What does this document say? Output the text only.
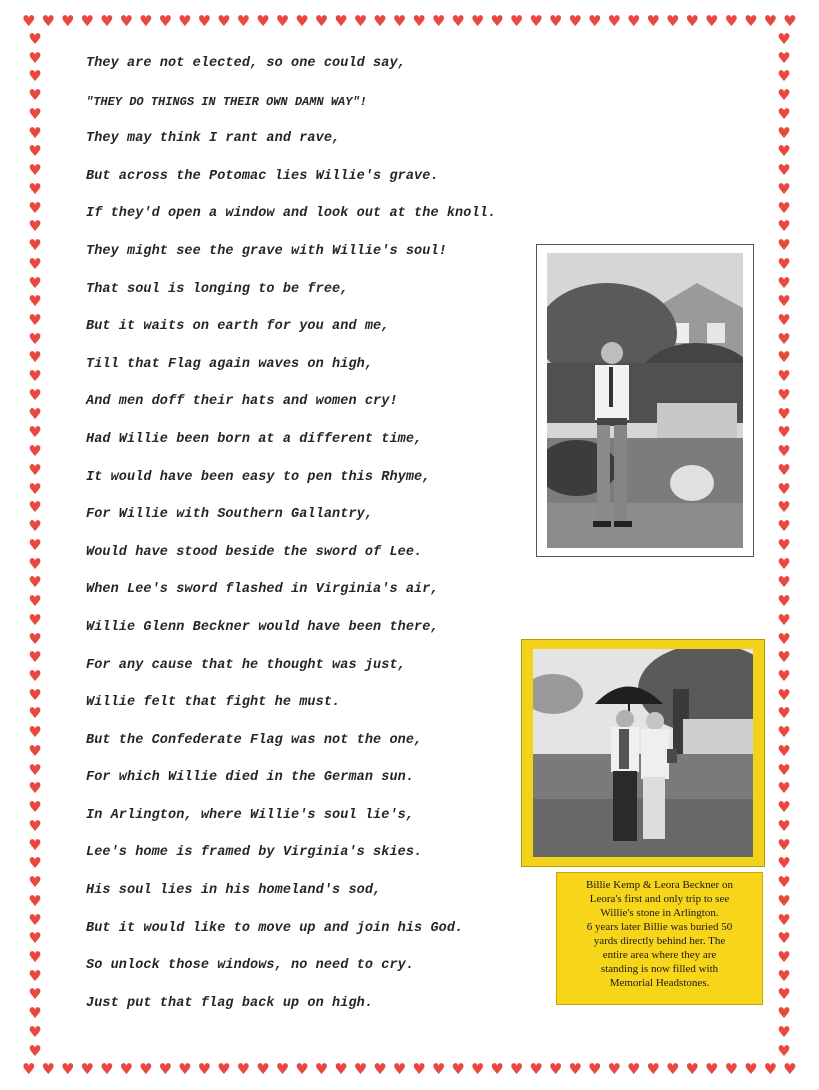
♥ ♥ ♥ ♥ ♥ ♥ ♥ ♥ ♥ ♥ ♥ ♥ ♥ ♥ ♥ ♥ ♥ ♥ ♥ ♥ ♥ ♥ ♥ ♥ ♥ ♥ ♥ ♥ ♥ ♥ ♥ ♥ ♥ ♥ ♥ ♥ ♥ ♥ ♥ ♥
♥ ♥ ♥ ♥ ♥ ♥ ♥ ♥ ♥ ♥ ♥ ♥ ♥ ♥ ♥ ♥ ♥ ♥ ♥ ♥ ♥ ♥ ♥ ♥ ♥ ♥ ♥ ♥ ♥ ♥ ♥ ♥ ♥ ♥ ♥ ♥ ♥ ♥ ♥ ♥
♥
♥
♥
♥
♥
♥
♥
♥
♥
♥
♥
♥
♥
♥
♥
♥
♥
♥
♥
♥
♥
♥
♥
♥
♥
♥
♥
♥
♥
♥
♥
♥
♥
♥
♥
♥
♥
♥
♥
♥
♥
♥
♥
♥
♥
♥
♥
♥
♥
♥
♥
♥
♥
♥
♥
♥
♥
♥
♥
♥
♥
♥
♥
♥
♥
♥
♥
♥
♥
♥
♥
♥
♥
♥
♥
♥
♥
♥
♥
♥
♥
♥
♥
♥
♥
♥
♥
♥
♥
♥
♥
♥
♥
♥
♥
♥
♥
♥
♥
♥
♥
♥
♥
♥
♥
♥
♥
♥
♥
♥
They are not elected, so one could say,
"THEY DO THINGS IN THEIR OWN DAMN WAY"!
They may think I rant and rave,
But across the Potomac lies Willie's grave.
If they'd open a window and look out at the knoll.
They might see the grave with Willie's soul!
That soul is longing to be free,
But it waits on earth for you and me,
Till that Flag again waves on high,
And men doff their hats and women cry!
Had Willie been born at a different time,
It would have been easy to pen this Rhyme,
For Willie with Southern Gallantry,
Would have stood beside the sword of Lee.
When Lee's sword flashed in Virginia's air,
Willie Glenn Beckner would have been there,
For any cause that he thought was just,
Willie felt that fight he must.
But the Confederate Flag was not the one,
For which Willie died in the German sun.
In Arlington, where Willie's soul lie's,
Lee's home is framed by Virginia's skies.
His soul lies in his homeland's sod,
But it would like to move up and join his God.
So unlock those windows, no need to cry.
Just put that flag back up on high.
Billie Kemp & Leora Beckner on
Leora's first and only trip to see
Willie's stone in Arlington.
6 years later Billie was buried 50
yards directly behind her. The
entire area where they are
standing is now filled with
Memorial Headstones.
